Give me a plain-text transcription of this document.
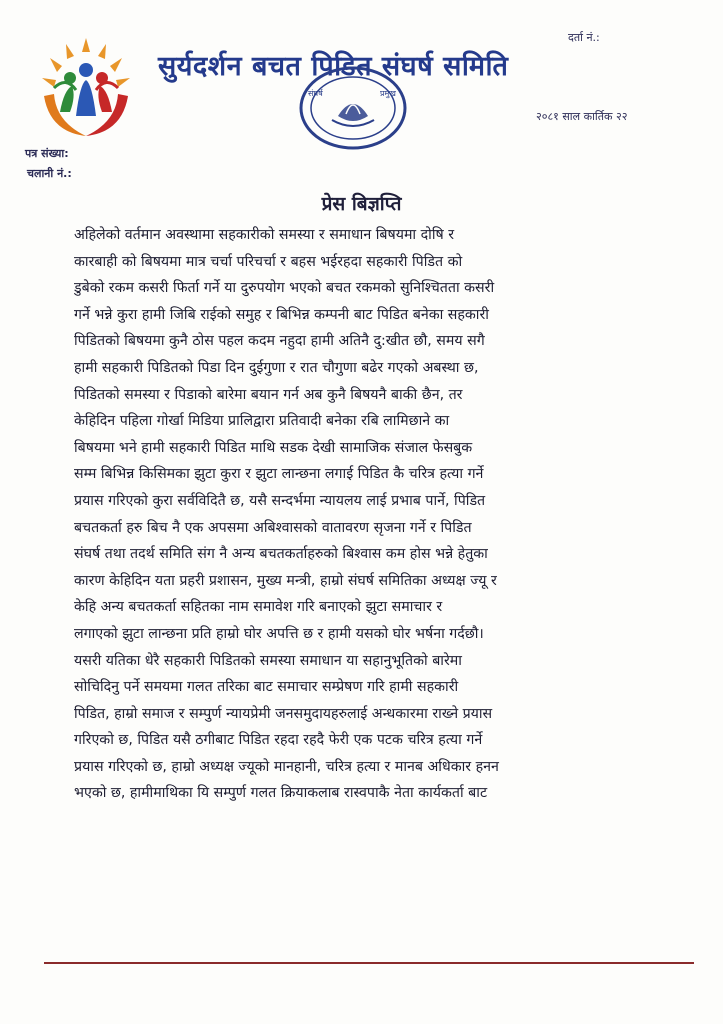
सुर्यदर्शन बचत पिडित संघर्ष समिति
दर्ता नं.:
संघर्ष	प्रमुख
२०८१ साल कार्तिक २२
पत्र संख्या:
चलानी नं.:
प्रेस बिज्ञप्ति
अहिलेको वर्तमान अवस्थामा सहकारीको समस्या र समाधान बिषयमा दोषि र
कारबाही को बिषयमा मात्र चर्चा परिचर्चा र बहस भईरहदा सहकारी पिडित को
डुबेको रकम कसरी फिर्ता गर्ने या दुरुपयोग भएको बचत रकमको सुनिश्चितता कसरी
गर्ने भन्ने कुरा हामी जिबि राईको समुह र बिभिन्न कम्पनी बाट पिडित बनेका सहकारी
पिडितको बिषयमा कुनै ठोस पहल कदम नहुदा हामी अतिनै दु:खीत छौ, समय सगै
हामी सहकारी पिडितको पिडा दिन दुईगुणा र रात चौगुणा बढेर गएको अबस्था छ,
पिडितको समस्या र पिडाको बारेमा बयान गर्न अब कुनै बिषयनै बाकी छैन, तर
केहिदिन पहिला गोर्खा मिडिया प्रालिद्वारा प्रतिवादी बनेका रबि लामिछाने का
बिषयमा भने हामी सहकारी पिडित माथि सडक देखी सामाजिक संजाल फेसबुक
सम्म बिभिन्न किसिमका झुटा कुरा र झुटा लान्छना लगाई पिडित कै चरित्र हत्या गर्ने
प्रयास गरिएको कुरा सर्वविदितै छ, यसै सन्दर्भमा न्यायलय लाई प्रभाब पार्ने, पिडित
बचतकर्ता हरु बिच नै एक अपसमा अबिश्वासको वातावरण सृजना गर्ने र पिडित
संघर्ष तथा तदर्थ समिति संग नै अन्य बचतकर्ताहरुको बिश्वास कम होस भन्ने हेतुका
कारण केहिदिन यता प्रहरी प्रशासन, मुख्य मन्त्री, हाम्रो संघर्ष समितिका अध्यक्ष ज्यू र
केहि अन्य बचतकर्ता सहितका नाम समावेश गरि बनाएको झुटा समाचार र
लगाएको झुटा लान्छना प्रति हाम्रो घोर अपत्ति छ र हामी यसको घोर भर्षना गर्दछौ।
यसरी यतिका धेरै सहकारी पिडितको समस्या समाधान या सहानुभूतिको बारेमा
सोचिदिनु पर्ने समयमा गलत तरिका बाट समाचार सम्प्रेषण गरि हामी सहकारी
पिडित, हाम्रो समाज र सम्पुर्ण न्यायप्रेमी जनसमुदायहरुलाई अन्धकारमा राख्ने प्रयास
गरिएको छ, पिडित यसै ठगीबाट पिडित रहदा रहदै फेरी एक पटक चरित्र हत्या गर्ने
प्रयास गरिएको छ, हाम्रो अध्यक्ष ज्यूको मानहानी, चरित्र हत्या र मानब अधिकार हनन
भएको छ, हामीमाथिका यि सम्पुर्ण गलत क्रियाकलाब रास्वपाकै नेता कार्यकर्ता बाट
